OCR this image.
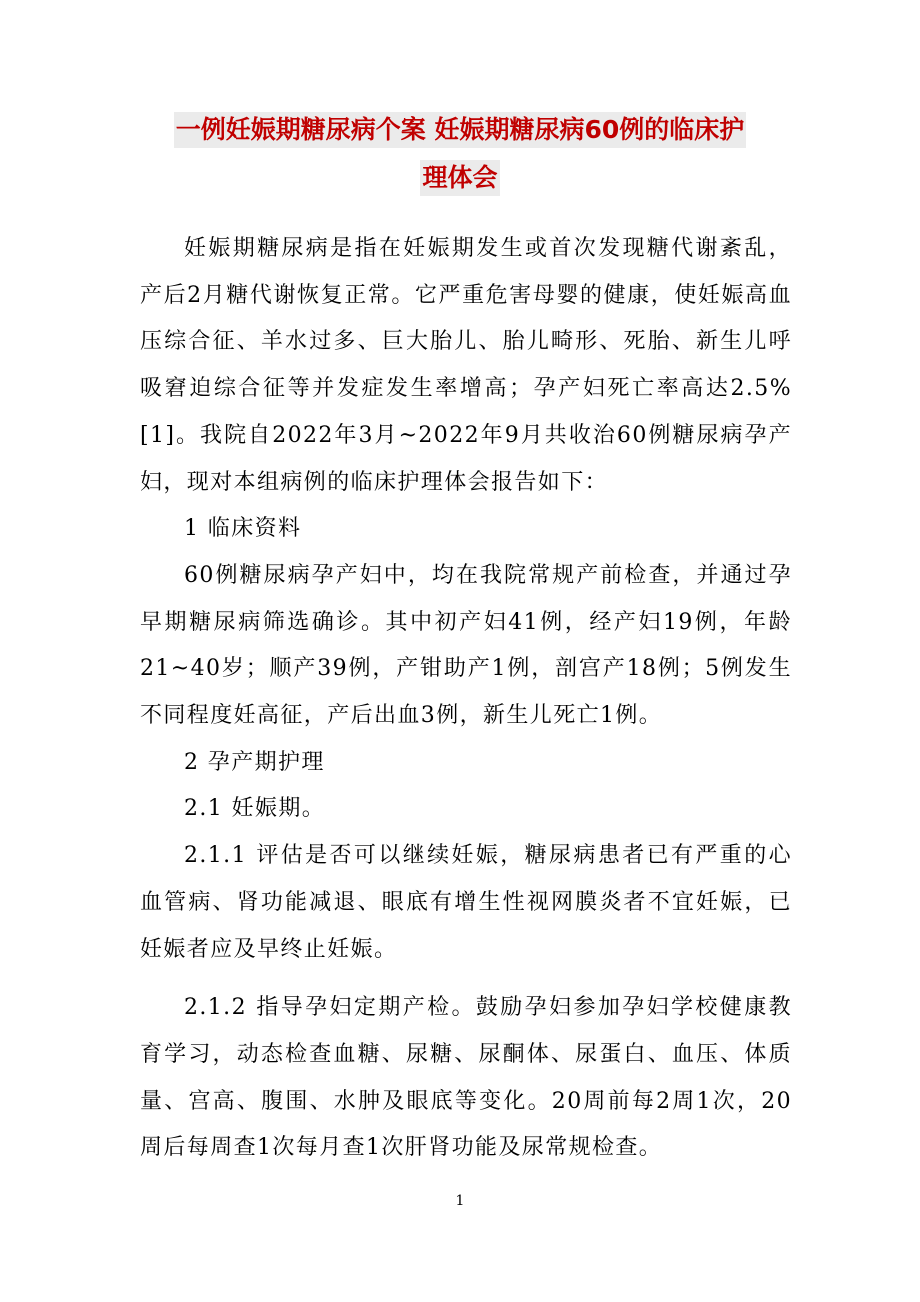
一例妊娠期糖尿病个案 妊娠期糖尿病60例的临床护
理体会

妊娠期糖尿病是指在妊娠期发生或首次发现糖代谢紊乱，产后2月糖代谢恢复正常。它严重危害母婴的健康，使妊娠高血压综合征、羊水过多、巨大胎儿、胎儿畸形、死胎、新生儿呼吸窘迫综合征等并发症发生率增高；孕产妇死亡率高达2.5% [1]。我院自2022年3月~2022年9月共收治60例糖尿病孕产妇，现对本组病例的临床护理体会报告如下：

1 临床资料

60例糖尿病孕产妇中，均在我院常规产前检查，并通过孕早期糖尿病筛选确诊。其中初产妇41例，经产妇19例，年龄21~40岁；顺产39例，产钳助产1例，剖宫产18例；5例发生不同程度妊高征，产后出血3例，新生儿死亡1例。

2 孕产期护理

2.1 妊娠期。

2.1.1 评估是否可以继续妊娠，糖尿病患者已有严重的心血管病、肾功能减退、眼底有增生性视网膜炎者不宜妊娠，已妊娠者应及早终止妊娠。

2.1.2 指导孕妇定期产检。鼓励孕妇参加孕妇学校健康教育学习，动态检查血糖、尿糖、尿酮体、尿蛋白、血压、体质量、宫高、腹围、水肿及眼底等变化。20周前每2周1次，20周后每周查1次每月查1次肝肾功能及尿常规检查。

1
